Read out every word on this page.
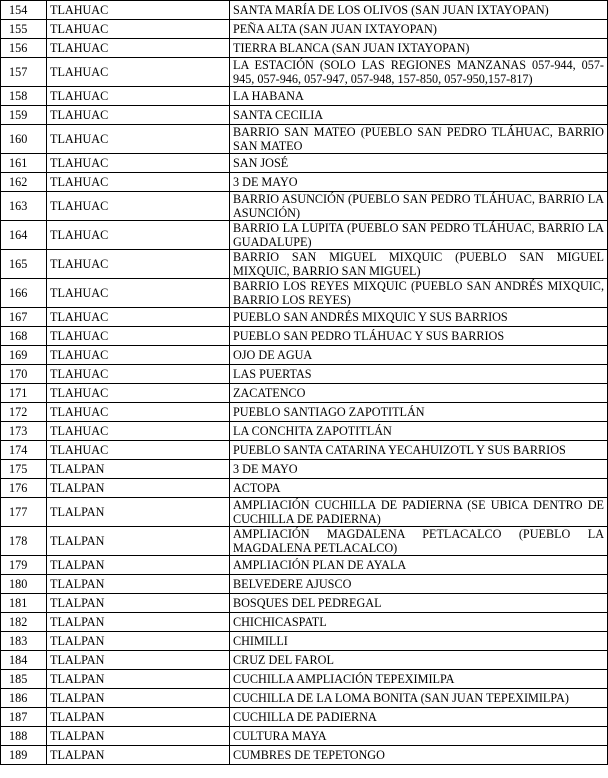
154	TLAHUAC	SANTA MARÍA DE LOS OLIVOS (SAN JUAN IXTAYOPAN)
155	TLAHUAC	PEÑA ALTA (SAN JUAN IXTAYOPAN)
156	TLAHUAC	TIERRA BLANCA (SAN JUAN IXTAYOPAN)
157	TLAHUAC	LA ESTACIÓN (SOLO LAS REGIONES MANZANAS 057-944, 057-945, 057-946, 057-947, 057-948, 157-850, 057-950,157-817)
158	TLAHUAC	LA HABANA
159	TLAHUAC	SANTA CECILIA
160	TLAHUAC	BARRIO SAN MATEO (PUEBLO SAN PEDRO TLÁHUAC, BARRIO SAN MATEO
161	TLAHUAC	SAN JOSÉ
162	TLAHUAC	3 DE MAYO
163	TLAHUAC	BARRIO ASUNCIÓN (PUEBLO SAN PEDRO TLÁHUAC, BARRIO LA ASUNCIÓN)
164	TLAHUAC	BARRIO LA LUPITA (PUEBLO SAN PEDRO TLÁHUAC, BARRIO LA GUADALUPE)
165	TLAHUAC	BARRIO SAN MIGUEL MIXQUIC (PUEBLO SAN MIGUEL MIXQUIC, BARRIO SAN MIGUEL)
166	TLAHUAC	BARRIO LOS REYES MIXQUIC (PUEBLO SAN ANDRÉS MIXQUIC, BARRIO LOS REYES)
167	TLAHUAC	PUEBLO SAN ANDRÉS MIXQUIC Y SUS BARRIOS
168	TLAHUAC	PUEBLO SAN PEDRO TLÁHUAC Y SUS BARRIOS
169	TLAHUAC	OJO DE AGUA
170	TLAHUAC	LAS PUERTAS
171	TLAHUAC	ZACATENCO
172	TLAHUAC	PUEBLO SANTIAGO ZAPOTITLÁN
173	TLAHUAC	LA CONCHITA ZAPOTITLÁN
174	TLAHUAC	PUEBLO SANTA CATARINA YECAHUIZOTL Y SUS BARRIOS
175	TLALPAN	3 DE MAYO
176	TLALPAN	ACTOPA
177	TLALPAN	AMPLIACIÓN CUCHILLA DE PADIERNA (SE UBICA DENTRO DE CUCHILLA DE PADIERNA)
178	TLALPAN	AMPLIACIÓN MAGDALENA PETLACALCO (PUEBLO LA MAGDALENA PETLACALCO)
179	TLALPAN	AMPLIACIÓN PLAN DE AYALA
180	TLALPAN	BELVEDERE AJUSCO
181	TLALPAN	BOSQUES DEL PEDREGAL
182	TLALPAN	CHICHICASPATL
183	TLALPAN	CHIMILLI
184	TLALPAN	CRUZ DEL FAROL
185	TLALPAN	CUCHILLA AMPLIACIÓN TEPEXIMILPA
186	TLALPAN	CUCHILLA DE LA LOMA BONITA (SAN JUAN TEPEXIMILPA)
187	TLALPAN	CUCHILLA DE PADIERNA
188	TLALPAN	CULTURA MAYA
189	TLALPAN	CUMBRES DE TEPETONGO
